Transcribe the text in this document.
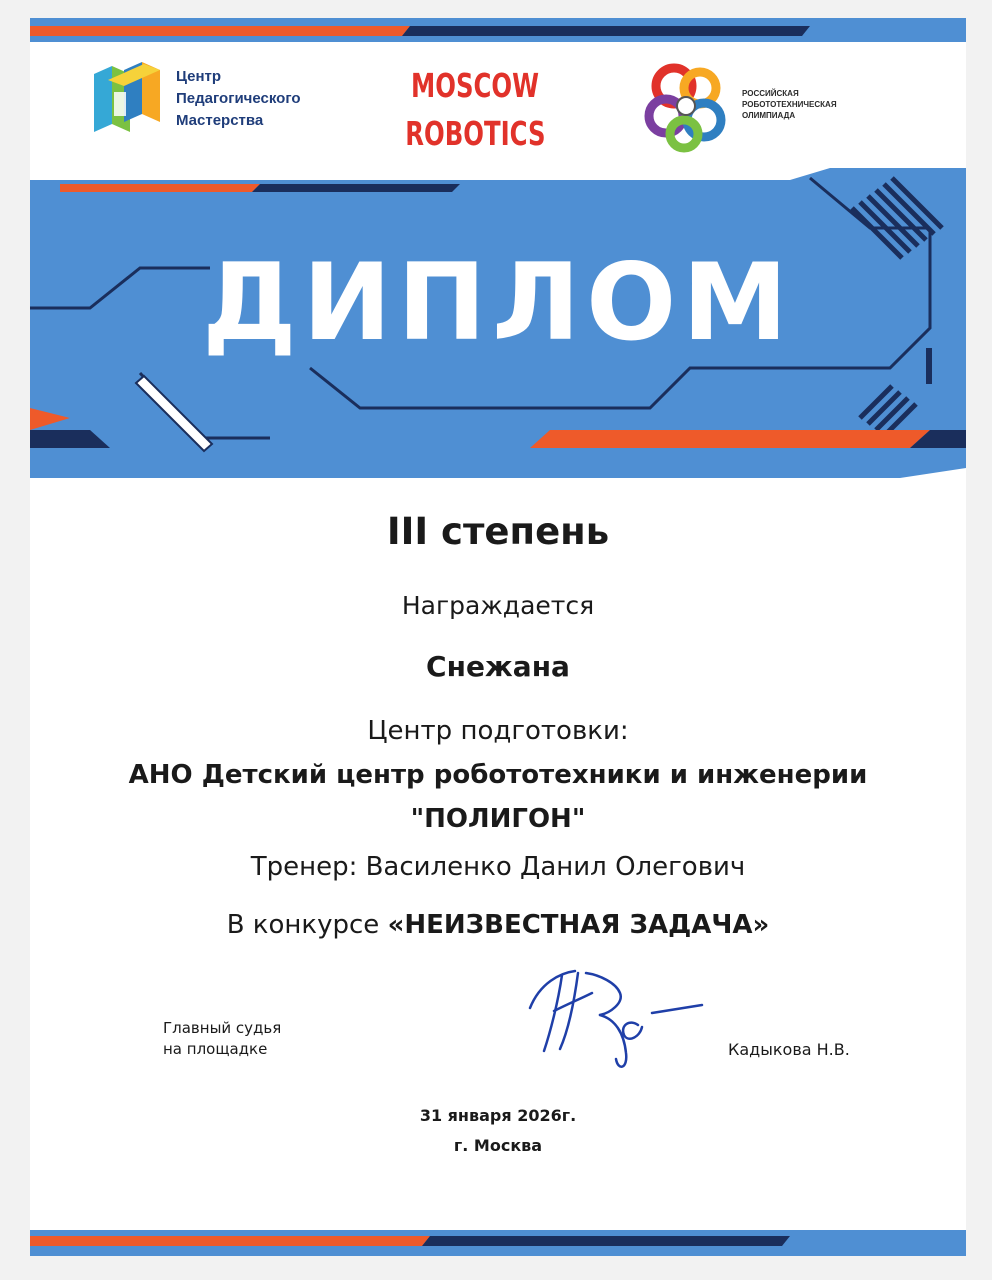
Центр
Педагогического
Мастерства
MOSCOW
ROBOTICS
РОССИЙСКАЯ
РОБОТОТЕХНИЧЕСКАЯ
ОЛИМПИАДА
ДИПЛОМ
III степень
Награждается
Снежана
Центр подготовки:
АНО Детский центр робототехники и инженерии
"ПОЛИГОН"
Тренер: Василенко Данил Олегович
В конкурсе «НЕИЗВЕСТНАЯ ЗАДАЧА»
Главный судья
на площадке	Кадыкова Н.В.
31 января 2026г.
г. Москва
